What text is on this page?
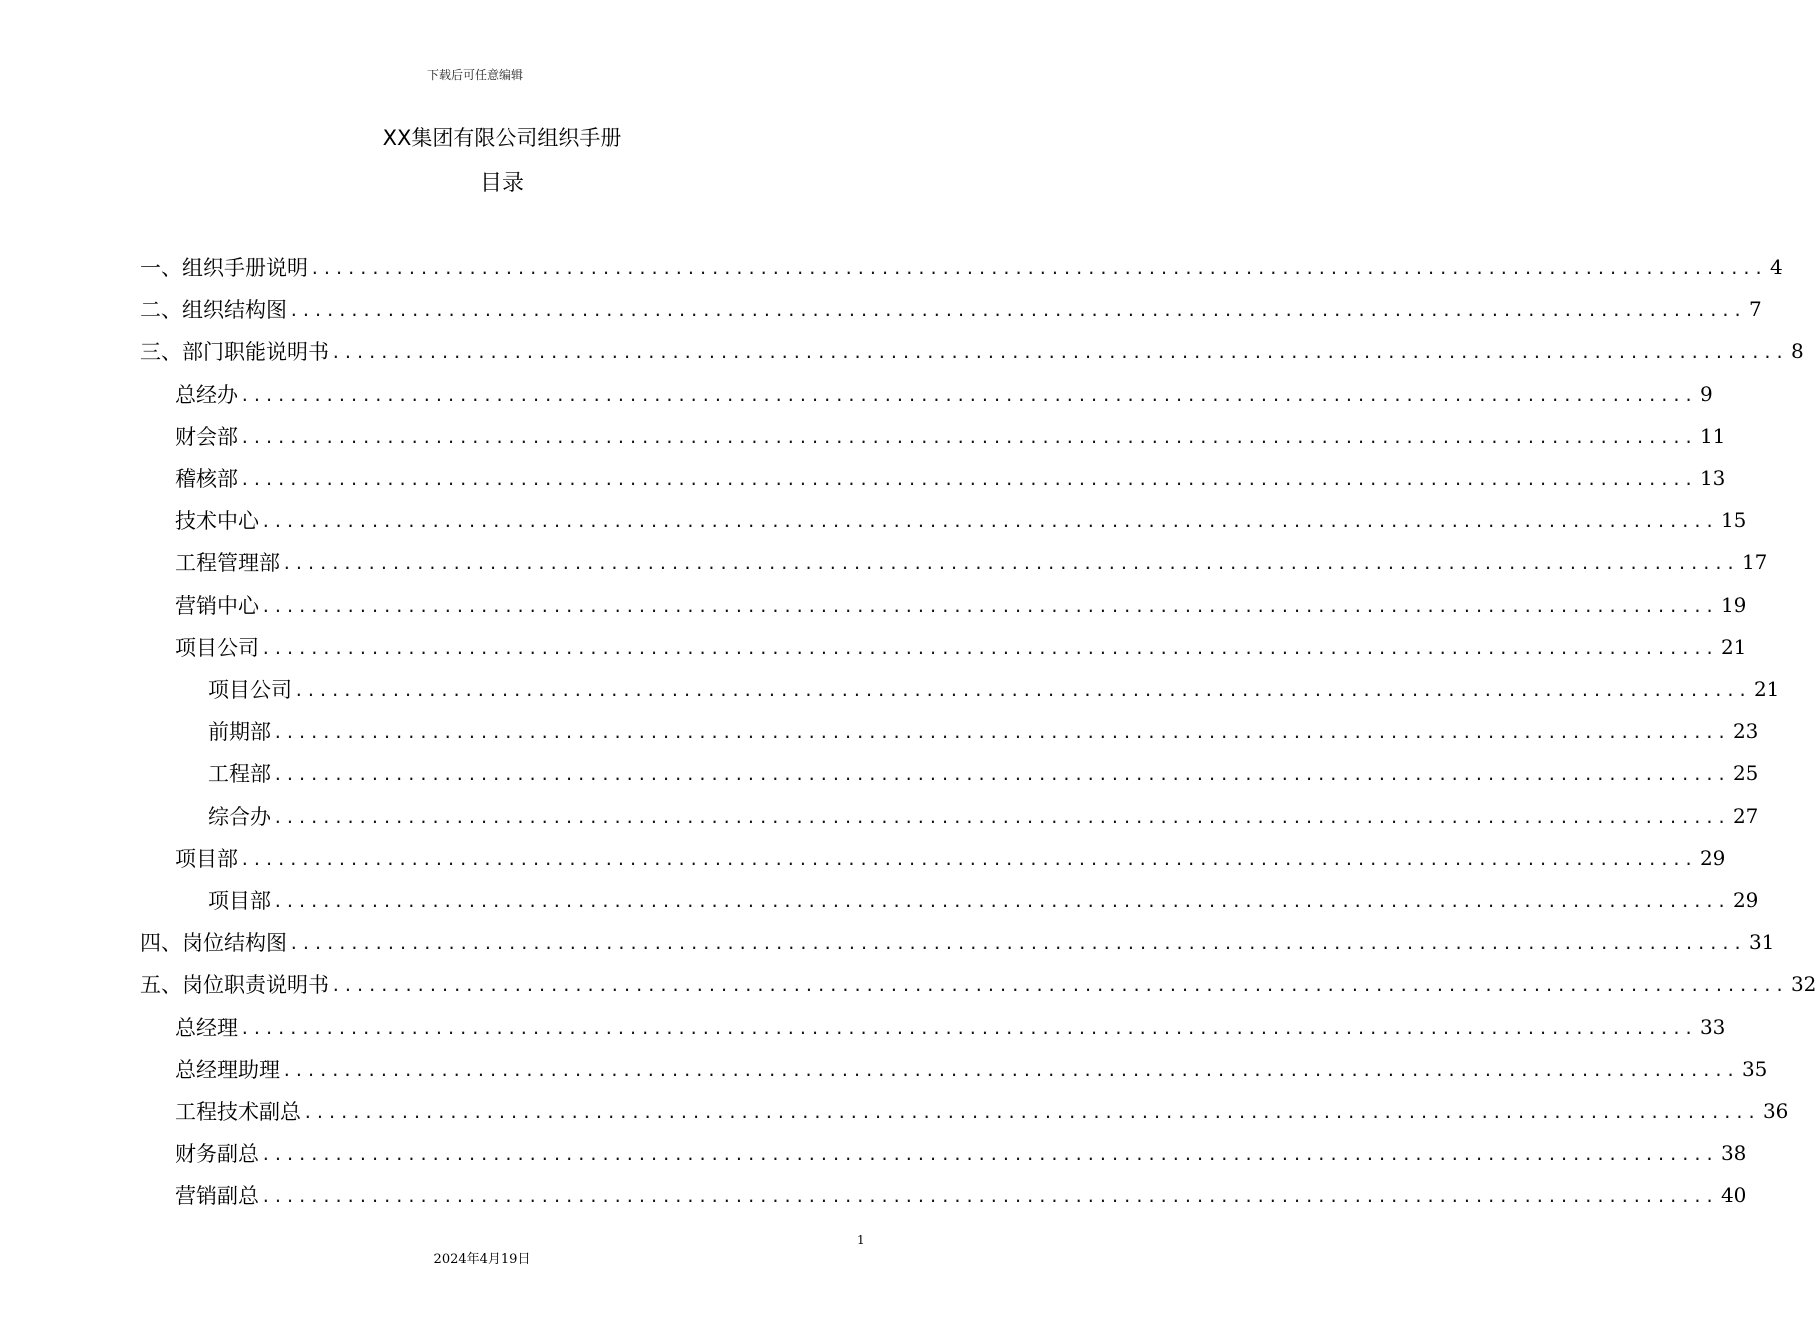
下载后可任意编辑
XX集团有限公司组织手册
目录
一、 组织手册说明 ........................................................................................................................ 4
二、 组织结构图 ........................................................................................................................ 7
三、 部门职能说明书 ........................................................................................................................ 8
总经办 ........................................................................................................................ 9
财会部 ........................................................................................................................ 11
稽核部 ........................................................................................................................ 13
技术中心 ........................................................................................................................ 15
工程管理部 ........................................................................................................................ 17
营销中心 ........................................................................................................................ 19
项目公司 ........................................................................................................................ 21
项目公司 ........................................................................................................................ 21
前期部 ........................................................................................................................ 23
工程部 ........................................................................................................................ 25
综合办 ........................................................................................................................ 27
项目部 ........................................................................................................................ 29
项目部 ........................................................................................................................ 29
四、 岗位结构图 ........................................................................................................................ 31
五、 岗位职责说明书 ........................................................................................................................ 32
总经理 ........................................................................................................................ 33
总经理助理 ........................................................................................................................ 35
工程技术副总 ........................................................................................................................ 36
财务副总 ........................................................................................................................ 38
营销副总 ........................................................................................................................ 40
1
2024年4月19日
